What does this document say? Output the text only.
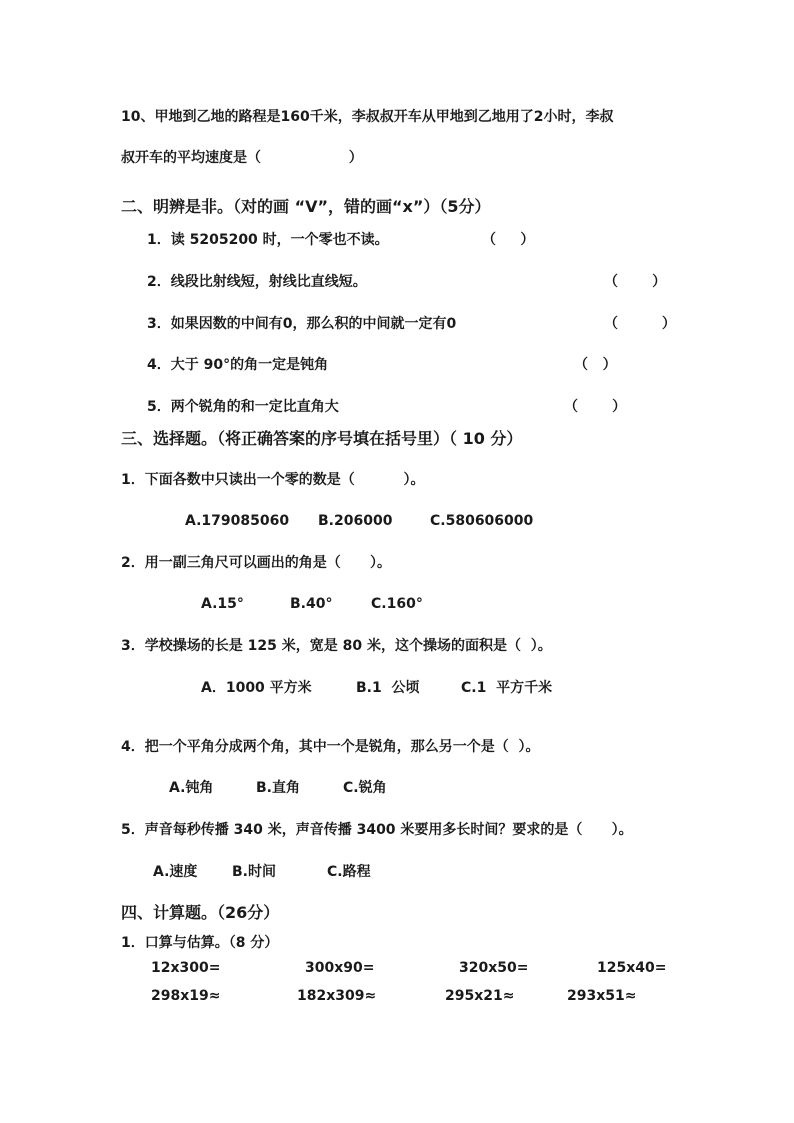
10、甲地到乙地的路程是160千米，李叔叔开车从甲地到乙地用了2小时，李叔
叔开车的平均速度是（                  ）
二、明辨是非。（对的画 “V”，错的画“x”）（5分）
1．读 5205200 时，一个零也不读。	（     ）
2．线段比射线短，射线比直线短。	（       ）
3．如果因数的中间有0，那么积的中间就一定有0	（         ）
4．大于 90°的角一定是钝角	（   ）
5．两个锐角的和一定比直角大	（       ）
三、选择题。（将正确答案的序号填在括号里）（ 10 分）
1．下面各数中只读出一个零的数是（          ）。
A.179085060 B.206000	C.580606000
2．用一副三角尺可以画出的角是（      ）。
A.15°	B.40°	C.160°
3．学校操场的长是 125 米，宽是 80 米，这个操场的面积是（  ）。
A．1000 平方米	B.1  公顷	C.1  平方千米
4．把一个平角分成两个角，其中一个是锐角，那么另一个是（  ）。
A.钝角	B.直角	C.锐角
5．声音每秒传播 340 米，声音传播 3400 米要用多长时间？要求的是（      ）。
A.速度 B.时间	C.路程
四、计算题。（26分）
1．口算与估算。（8 分）
12x300=	300x90=	320x50=	125x40=
298x19≈	182x309≈	295x21≈	293x51≈
